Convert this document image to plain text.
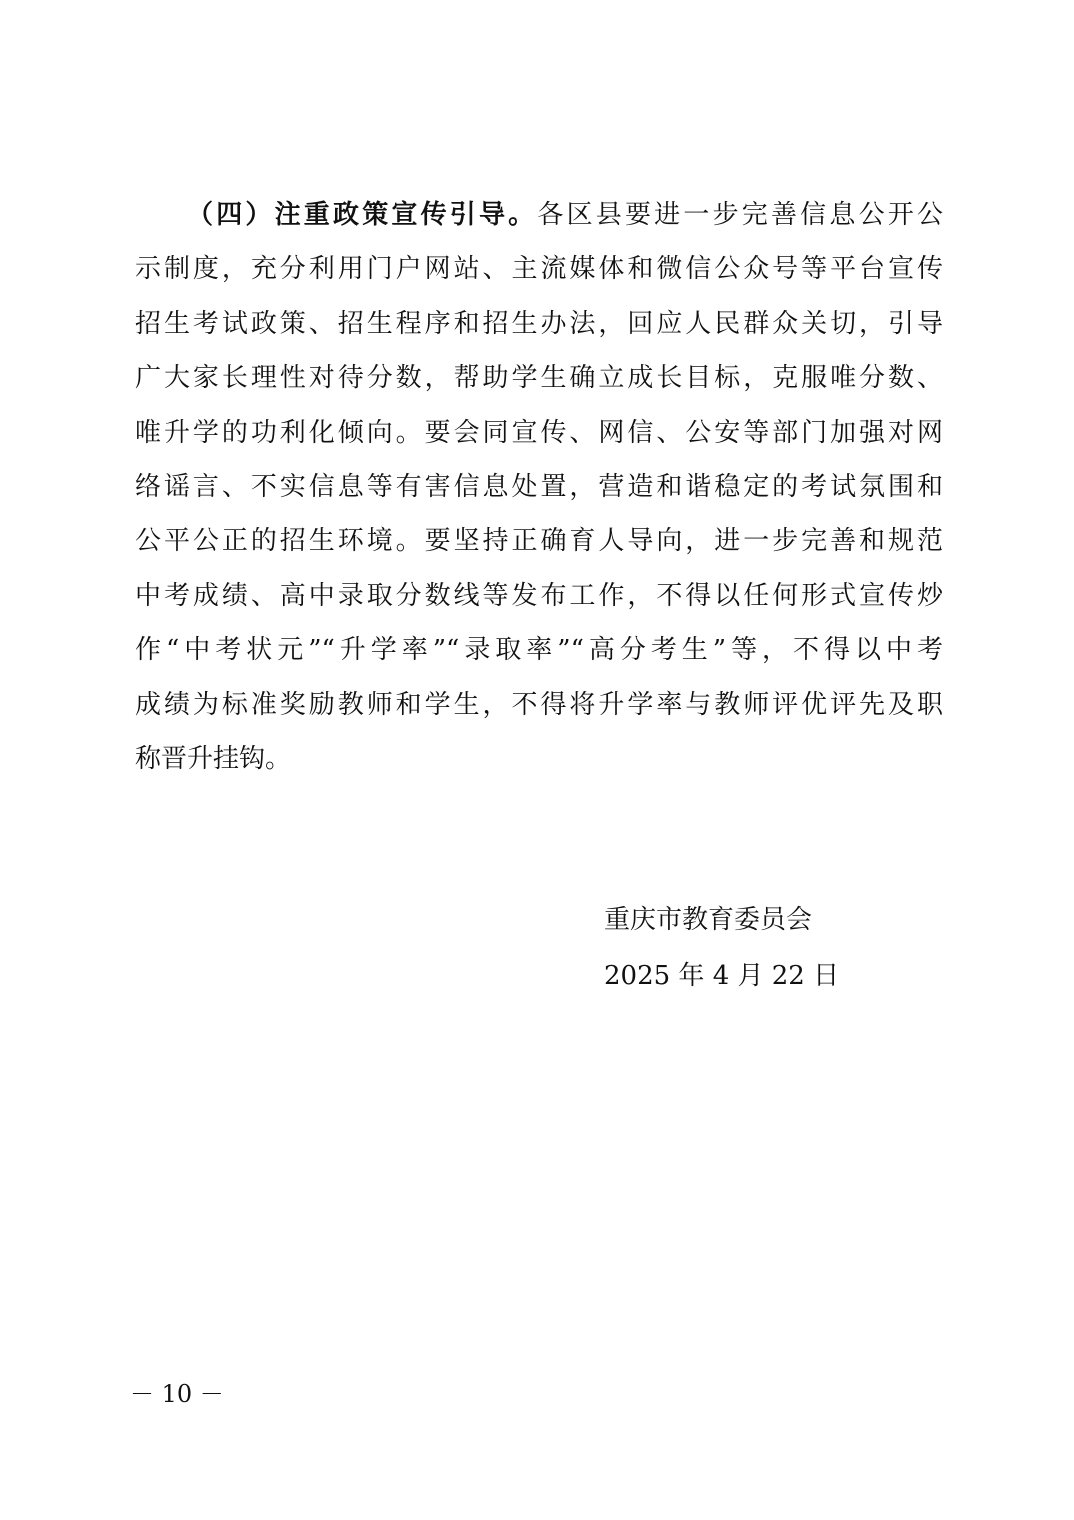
（四）注重政策宣传引导。各区县要进一步完善信息公开公
示制度，充分利用门户网站、主流媒体和微信公众号等平台宣传
招生考试政策、招生程序和招生办法，回应人民群众关切，引导
广大家长理性对待分数，帮助学生确立成长目标，克服唯分数、
唯升学的功利化倾向。要会同宣传、网信、公安等部门加强对网
络谣言、不实信息等有害信息处置，营造和谐稳定的考试氛围和
公平公正的招生环境。要坚持正确育人导向，进一步完善和规范
中考成绩、高中录取分数线等发布工作，不得以任何形式宣传炒
作“中考状元”“升学率”“录取率”“高分考生”等，不得以中考
成绩为标准奖励教师和学生，不得将升学率与教师评优评先及职
称晋升挂钩。
重庆市教育委员会
2025 年 4 月 22 日
－ 10 －
